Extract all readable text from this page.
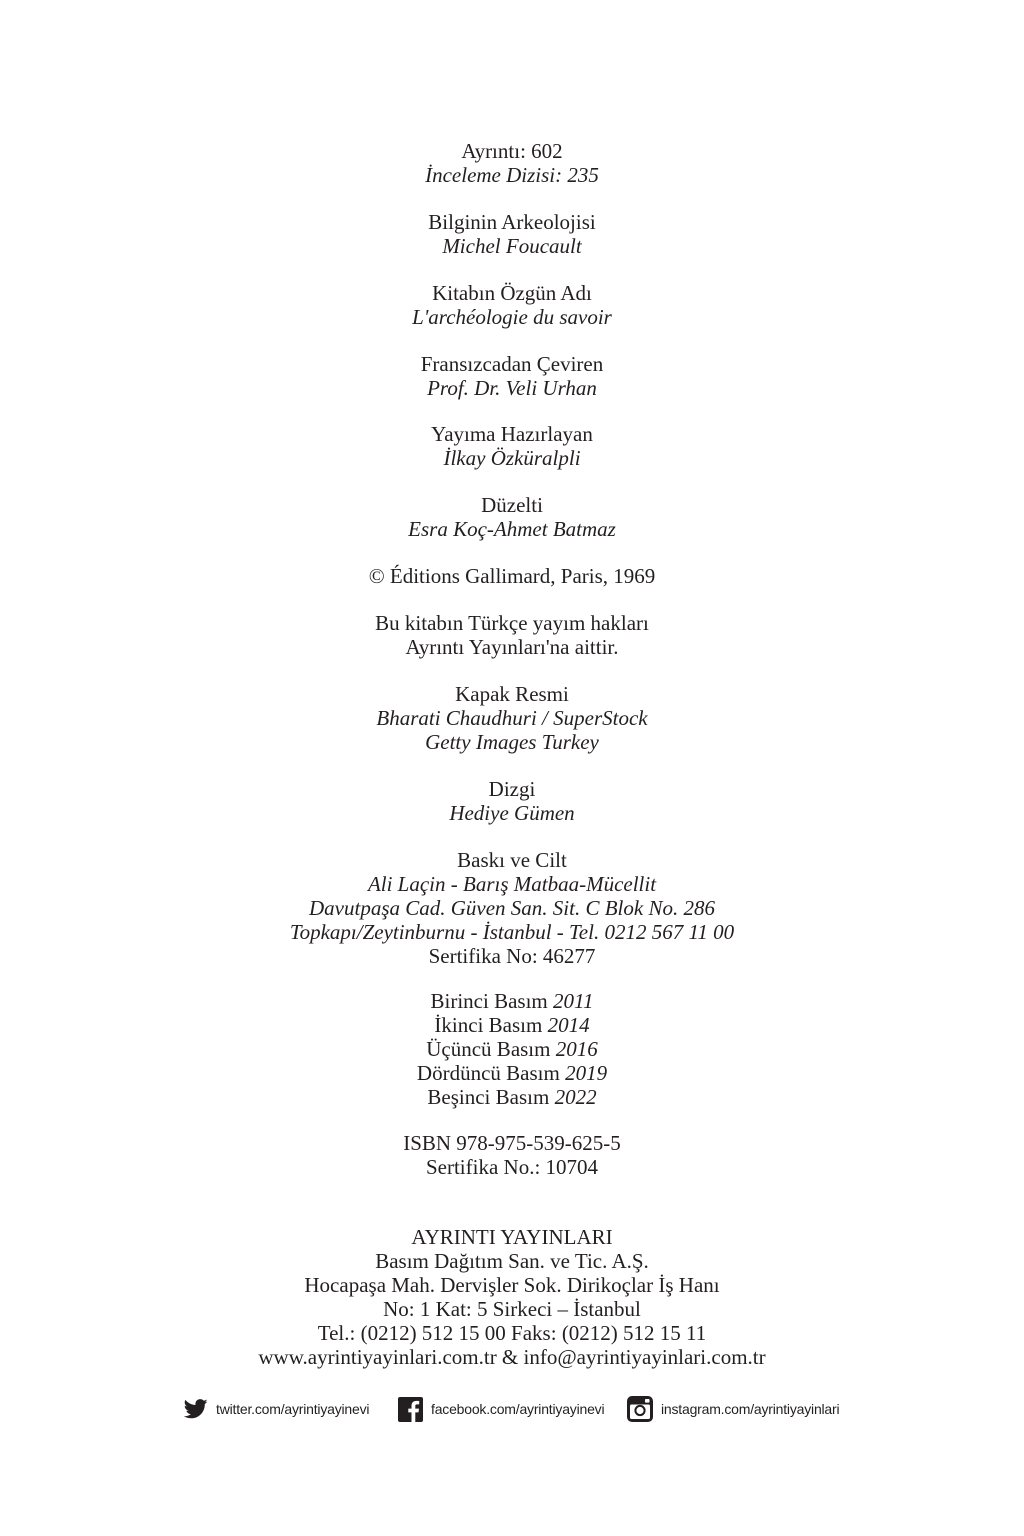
Ayrıntı: 602
İnceleme Dizisi: 235
Bilginin Arkeolojisi
Michel Foucault
Kitabın Özgün Adı
L'archéologie du savoir
Fransızcadan Çeviren
Prof. Dr. Veli Urhan
Yayıma Hazırlayan
İlkay Özküralpli
Düzelti
Esra Koç-Ahmet Batmaz
© Éditions Gallimard, Paris, 1969
Bu kitabın Türkçe yayım hakları
Ayrıntı Yayınları'na aittir.
Kapak Resmi
Bharati Chaudhuri / SuperStock
Getty Images Turkey
Dizgi
Hediye Gümen
Baskı ve Cilt
Ali Laçin - Barış Matbaa-Mücellit
Davutpaşa Cad. Güven San. Sit. C Blok No. 286
Topkapı/Zeytinburnu - İstanbul - Tel. 0212 567 11 00
Sertifika No: 46277
Birinci Basım 2011
İkinci Basım 2014
Üçüncü Basım 2016
Dördüncü Basım 2019
Beşinci Basım 2022
ISBN 978-975-539-625-5
Sertifika No.: 10704
AYRINTI YAYINLARI
Basım Dağıtım San. ve Tic. A.Ş.
Hocapaşa Mah. Dervişler Sok. Dirikoçlar İş Hanı
No: 1 Kat: 5 Sirkeci – İstanbul
Tel.: (0212) 512 15 00 Faks: (0212) 512 15 11
www.ayrintiyayinlari.com.tr & info@ayrintiyayinlari.com.tr
twitter.com/ayrintiyayinevi	facebook.com/ayrintiyayinevi	instagram.com/ayrintiyayinlari
